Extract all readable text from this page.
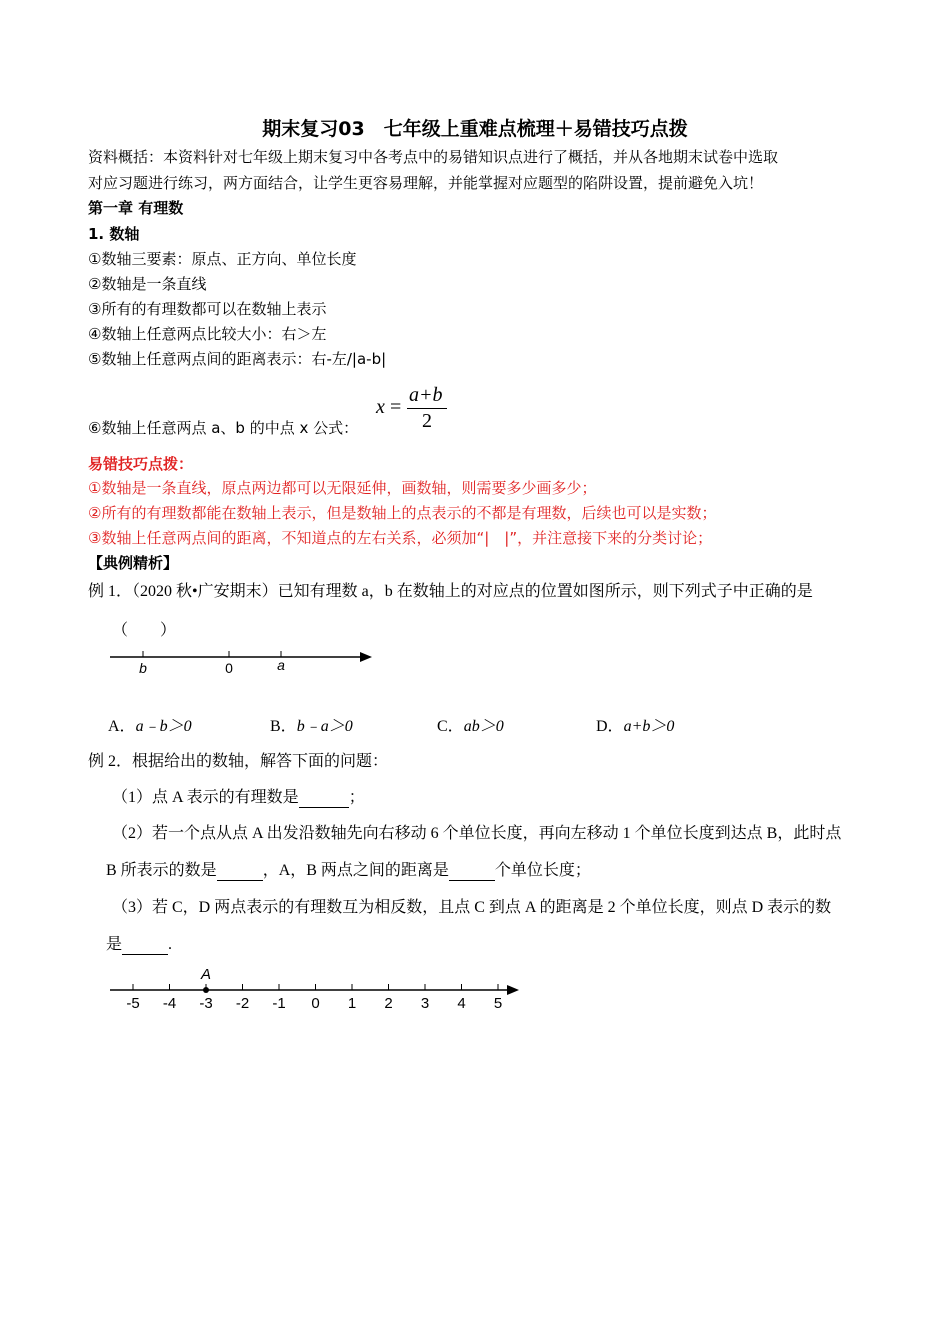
期末复习03　七年级上重难点梳理＋易错技巧点拨
资料概括：本资料针对七年级上期末复习中各考点中的易错知识点进行了概括，并从各地期末试卷中选取
对应习题进行练习，两方面结合，让学生更容易理解，并能掌握对应题型的陷阱设置，提前避免入坑！
第一章 有理数
1. 数轴
①数轴三要素：原点、正方向、单位长度
②数轴是一条直线
③所有的有理数都可以在数轴上表示
④数轴上任意两点比较大小：右＞左
⑤数轴上任意两点间的距离表示：右-左/|a-b|
⑥数轴上任意两点 a、b 的中点 x 公式：
x =
a+b
2
易错技巧点拨：
①数轴是一条直线，原点两边都可以无限延伸，画数轴，则需要多少画多少；
②所有的有理数都能在数轴上表示，但是数轴上的点表示的不都是有理数，后续也可以是实数；
③数轴上任意两点间的距离，不知道点的左右关系，必须加“|　|”，并注意接下来的分类讨论；
【典例精析】
例 1．（2020 秋•广安期末）已知有理数 a，b 在数轴上的对应点的位置如图所示，则下列式子中正确的是
（　　）
b	0	a
A．a﹣b＞0	B．b﹣a＞0	C．ab＞0	D．a+b＞0
例 2．根据给出的数轴，解答下面的问题：
（1）点 A 表示的有理数是	；
（2）若一个点从点 A 出发沿数轴先向右移动 6 个单位长度，再向左移动 1 个单位长度到达点 B，此时点
B 所表示的数是	，A，B 两点之间的距离是	个单位长度；
（3）若 C，D 两点表示的有理数互为相反数，且点 C 到点 A 的距离是 2 个单位长度，则点 D 表示的数
是	.
-5 -4 -3 -2 -1 0 1 2 3 4 5
A
